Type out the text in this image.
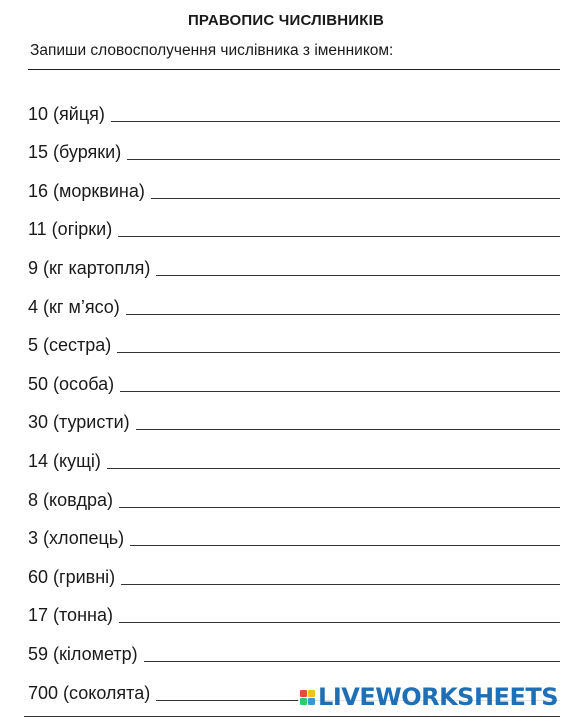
ПРАВОПИС ЧИСЛІВНИКІВ
Запиши словосполучення числівника з іменником:
10 (яйця)
15 (буряки)
16 (морквина)
11 (огірки)
9 (кг картопля)
4 (кг м’ясо)
5 (сестра)
50 (особа)
30 (туристи)
14 (кущі)
8 (ковдра)
3 (хлопець)
60 (гривні)
17 (тонна)
59 (кілометр)
700 (соколята)	LIVEWORKSHEETS
